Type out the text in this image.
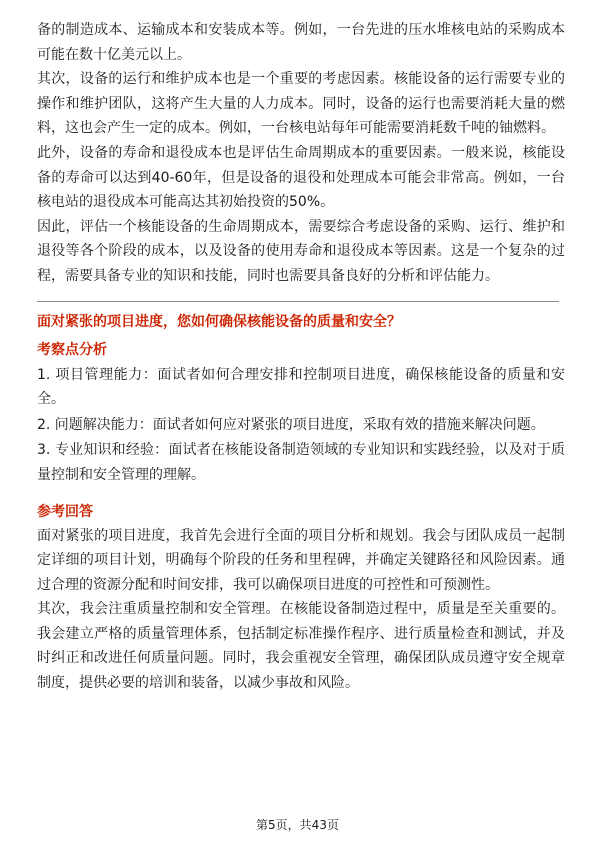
备的制造成本、运输成本和安装成本等。例如，一台先进的压水堆核电站的采购成本可能在数十亿美元以上。

其次，设备的运行和维护成本也是一个重要的考虑因素。核能设备的运行需要专业的操作和维护团队，这将产生大量的人力成本。同时，设备的运行也需要消耗大量的燃料，这也会产生一定的成本。例如，一台核电站每年可能需要消耗数千吨的铀燃料。

此外，设备的寿命和退役成本也是评估生命周期成本的重要因素。一般来说，核能设备的寿命可以达到40-60年，但是设备的退役和处理成本可能会非常高。例如，一台核电站的退役成本可能高达其初始投资的50%。

因此，评估一个核能设备的生命周期成本，需要综合考虑设备的采购、运行、维护和退役等各个阶段的成本，以及设备的使用寿命和退役成本等因素。这是一个复杂的过程，需要具备专业的知识和技能，同时也需要具备良好的分析和评估能力。

面对紧张的项目进度，您如何确保核能设备的质量和安全？
考察点分析

1. 项目管理能力：面试者如何合理安排和控制项目进度，确保核能设备的质量和安全。

2. 问题解决能力：面试者如何应对紧张的项目进度，采取有效的措施来解决问题。

3. 专业知识和经验：面试者在核能设备制造领域的专业知识和实践经验，以及对于质量控制和安全管理的理解。

参考回答

面对紧张的项目进度，我首先会进行全面的项目分析和规划。我会与团队成员一起制定详细的项目计划，明确每个阶段的任务和里程碑，并确定关键路径和风险因素。通过合理的资源分配和时间安排，我可以确保项目进度的可控性和可预测性。

其次，我会注重质量控制和安全管理。在核能设备制造过程中，质量是至关重要的。我会建立严格的质量管理体系，包括制定标准操作程序、进行质量检查和测试，并及时纠正和改进任何质量问题。同时，我会重视安全管理，确保团队成员遵守安全规章制度，提供必要的培训和装备，以减少事故和风险。

第5页，共43页
